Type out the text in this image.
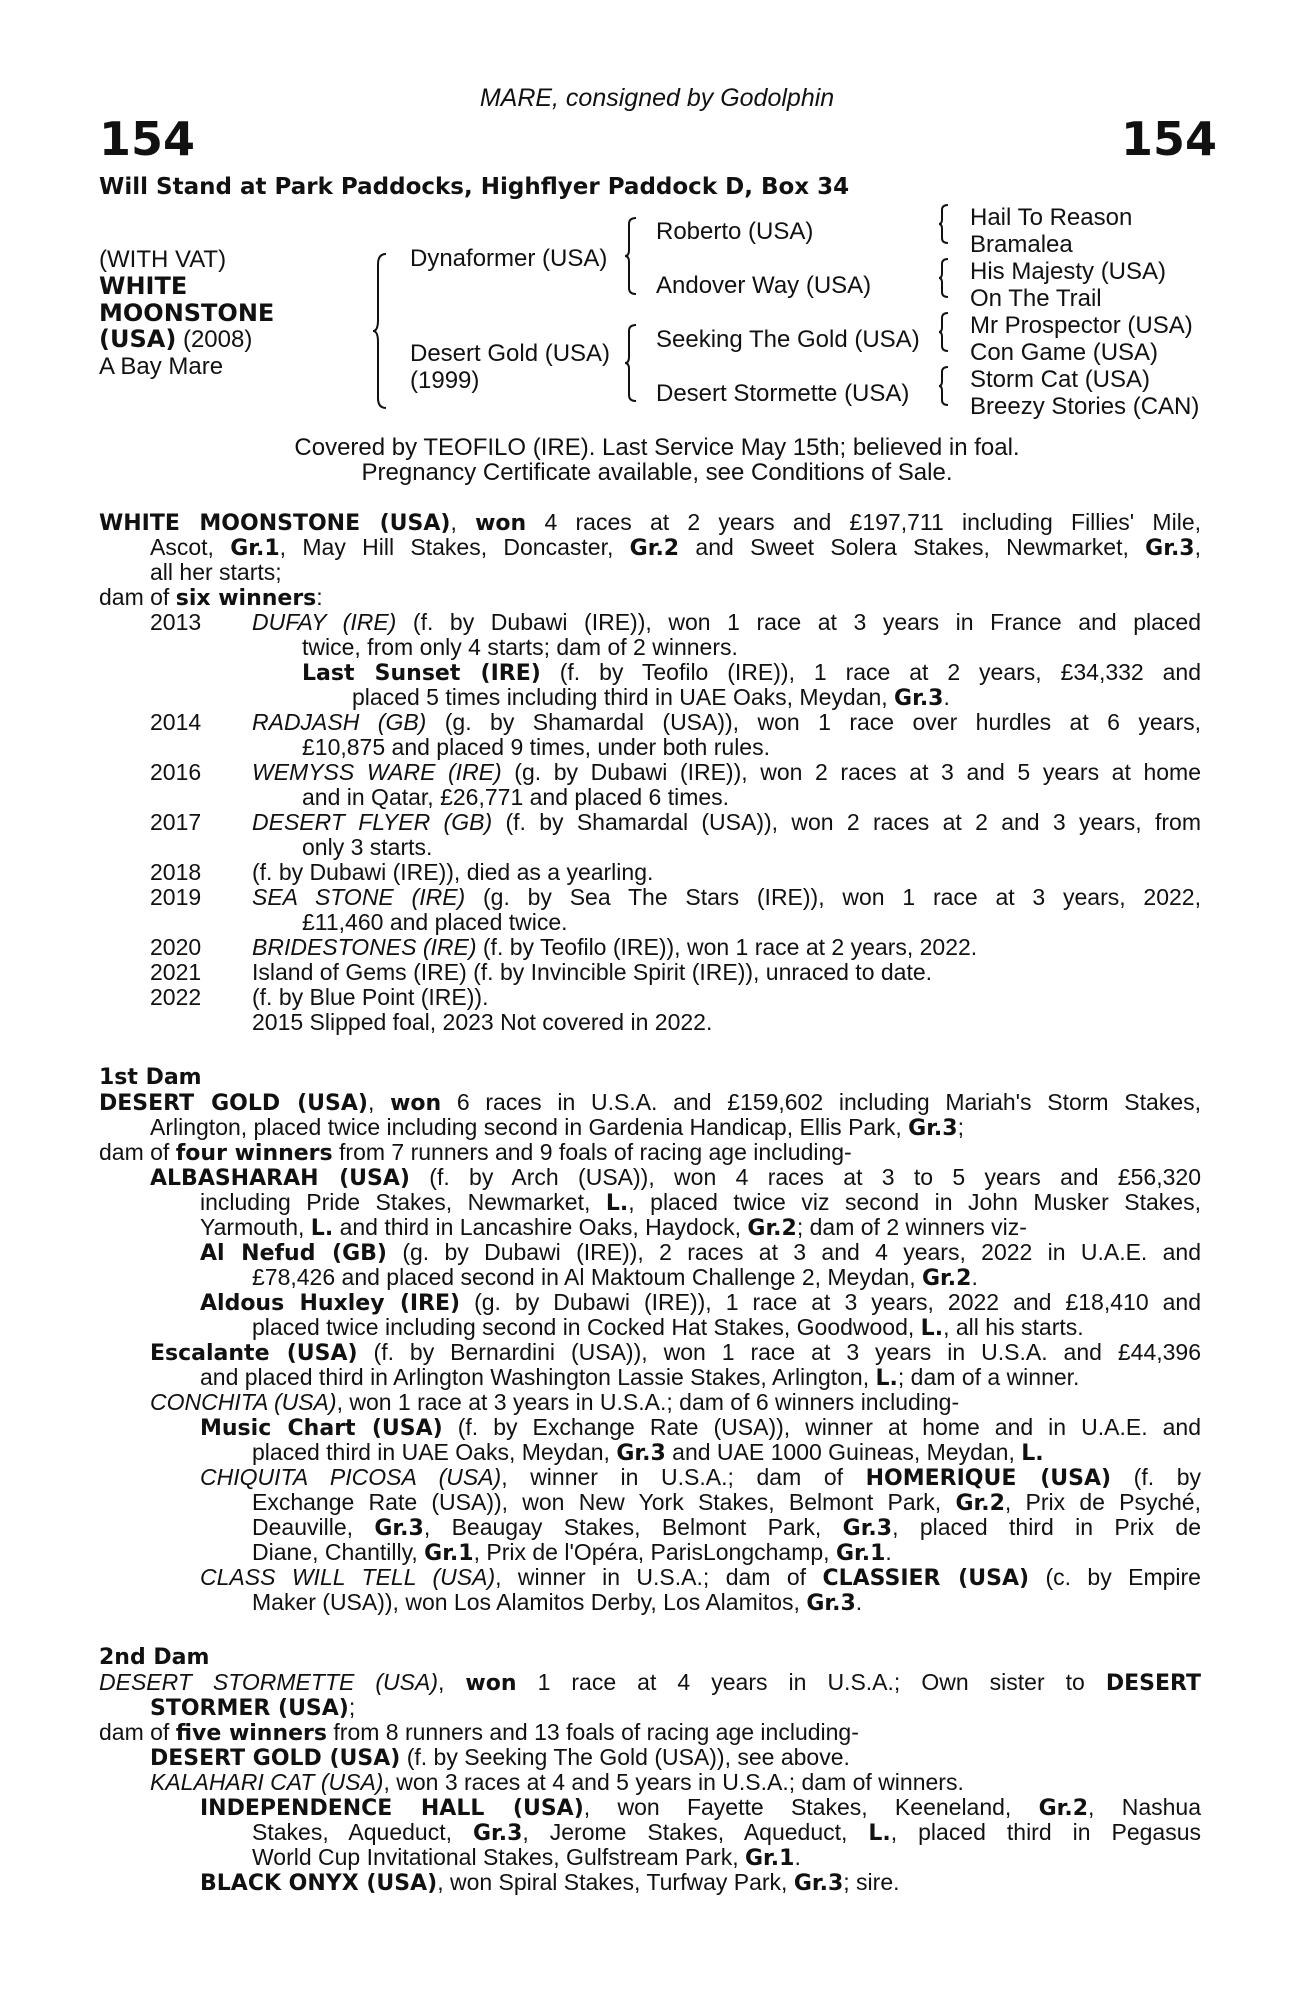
MARE, consigned by Godolphin
154	154
Will Stand at Park Paddocks, Highflyer Paddock D, Box 34
(WITH VAT)
WHITE
MOONSTONE
(USA) (2008)
A Bay Mare
Dynaformer (USA)
Desert Gold (USA)
(1999)
Roberto (USA)
Andover Way (USA)
Seeking The Gold (USA)
Desert Stormette (USA)
Hail To Reason
Bramalea
His Majesty (USA)
On The Trail
Mr Prospector (USA)
Con Game (USA)
Storm Cat (USA)
Breezy Stories (CAN)
Covered by TEOFILO (IRE). Last Service May 15th; believed in foal.
Pregnancy Certificate available, see Conditions of Sale.
WHITE MOONSTONE (USA), won 4 races at 2 years and £197,711 including Fillies' Mile,
Ascot, Gr.1, May Hill Stakes, Doncaster, Gr.2 and Sweet Solera Stakes, Newmarket, Gr.3,
all her starts;
dam of six winners:
2013 DUFAY (IRE) (f. by Dubawi (IRE)), won 1 race at 3 years in France and placed
twice, from only 4 starts; dam of 2 winners.
Last Sunset (IRE) (f. by Teofilo (IRE)), 1 race at 2 years, £34,332 and
placed 5 times including third in UAE Oaks, Meydan, Gr.3.
2014 RADJASH (GB) (g. by Shamardal (USA)), won 1 race over hurdles at 6 years,
£10,875 and placed 9 times, under both rules.
2016 WEMYSS WARE (IRE) (g. by Dubawi (IRE)), won 2 races at 3 and 5 years at home
and in Qatar, £26,771 and placed 6 times.
2017 DESERT FLYER (GB) (f. by Shamardal (USA)), won 2 races at 2 and 3 years, from
only 3 starts.
2018 (f. by Dubawi (IRE)), died as a yearling.
2019 SEA STONE (IRE) (g. by Sea The Stars (IRE)), won 1 race at 3 years, 2022,
£11,460 and placed twice.
2020 BRIDESTONES (IRE) (f. by Teofilo (IRE)), won 1 race at 2 years, 2022.
2021 Island of Gems (IRE) (f. by Invincible Spirit (IRE)), unraced to date.
2022 (f. by Blue Point (IRE)).
2015 Slipped foal, 2023 Not covered in 2022.
1st Dam
DESERT GOLD (USA), won 6 races in U.S.A. and £159,602 including Mariah's Storm Stakes,
Arlington, placed twice including second in Gardenia Handicap, Ellis Park, Gr.3;
dam of four winners from 7 runners and 9 foals of racing age including-
ALBASHARAH (USA) (f. by Arch (USA)), won 4 races at 3 to 5 years and £56,320
including Pride Stakes, Newmarket, L., placed twice viz second in John Musker Stakes,
Yarmouth, L. and third in Lancashire Oaks, Haydock, Gr.2; dam of 2 winners viz-
Al Nefud (GB) (g. by Dubawi (IRE)), 2 races at 3 and 4 years, 2022 in U.A.E. and
£78,426 and placed second in Al Maktoum Challenge 2, Meydan, Gr.2.
Aldous Huxley (IRE) (g. by Dubawi (IRE)), 1 race at 3 years, 2022 and £18,410 and
placed twice including second in Cocked Hat Stakes, Goodwood, L., all his starts.
Escalante (USA) (f. by Bernardini (USA)), won 1 race at 3 years in U.S.A. and £44,396
and placed third in Arlington Washington Lassie Stakes, Arlington, L.; dam of a winner.
CONCHITA (USA), won 1 race at 3 years in U.S.A.; dam of 6 winners including-
Music Chart (USA) (f. by Exchange Rate (USA)), winner at home and in U.A.E. and
placed third in UAE Oaks, Meydan, Gr.3 and UAE 1000 Guineas, Meydan, L.
CHIQUITA PICOSA (USA), winner in U.S.A.; dam of HOMERIQUE (USA) (f. by
Exchange Rate (USA)), won New York Stakes, Belmont Park, Gr.2, Prix de Psyché,
Deauville, Gr.3, Beaugay Stakes, Belmont Park, Gr.3, placed third in Prix de
Diane, Chantilly, Gr.1, Prix de l'Opéra, ParisLongchamp, Gr.1.
CLASS WILL TELL (USA), winner in U.S.A.; dam of CLASSIER (USA) (c. by Empire
Maker (USA)), won Los Alamitos Derby, Los Alamitos, Gr.3.
2nd Dam
DESERT STORMETTE (USA), won 1 race at 4 years in U.S.A.; Own sister to DESERT
STORMER (USA);
dam of five winners from 8 runners and 13 foals of racing age including-
DESERT GOLD (USA) (f. by Seeking The Gold (USA)), see above.
KALAHARI CAT (USA), won 3 races at 4 and 5 years in U.S.A.; dam of winners.
INDEPENDENCE HALL (USA), won Fayette Stakes, Keeneland, Gr.2, Nashua
Stakes, Aqueduct, Gr.3, Jerome Stakes, Aqueduct, L., placed third in Pegasus
World Cup Invitational Stakes, Gulfstream Park, Gr.1.
BLACK ONYX (USA), won Spiral Stakes, Turfway Park, Gr.3; sire.
